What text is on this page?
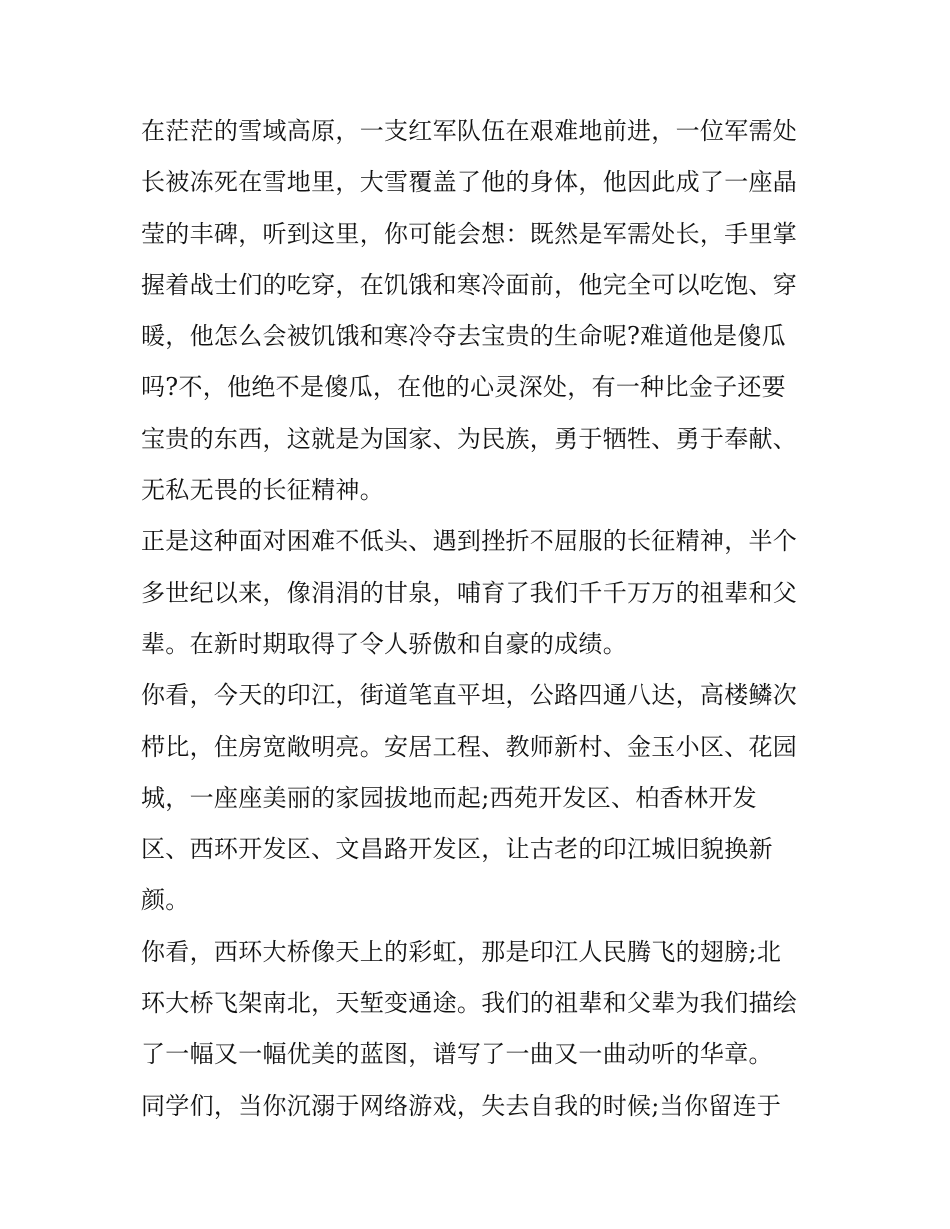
在茫茫的雪域高原，一支红军队伍在艰难地前进，一位军需处
长被冻死在雪地里，大雪覆盖了他的身体，他因此成了一座晶
莹的丰碑，听到这里，你可能会想：既然是军需处长，手里掌
握着战士们的吃穿，在饥饿和寒冷面前，他完全可以吃饱、穿
暖，他怎么会被饥饿和寒冷夺去宝贵的生命呢?难道他是傻瓜
吗?不，他绝不是傻瓜，在他的心灵深处，有一种比金子还要
宝贵的东西，这就是为国家、为民族，勇于牺牲、勇于奉献、
无私无畏的长征精神。
正是这种面对困难不低头、遇到挫折不屈服的长征精神，半个
多世纪以来，像涓涓的甘泉，哺育了我们千千万万的祖辈和父
辈。在新时期取得了令人骄傲和自豪的成绩。
你看，今天的印江，街道笔直平坦，公路四通八达，高楼鳞次
栉比，住房宽敞明亮。安居工程、教师新村、金玉小区、花园
城，一座座美丽的家园拔地而起;西苑开发区、柏香林开发
区、西环开发区、文昌路开发区，让古老的印江城旧貌换新
颜。
你看，西环大桥像天上的彩虹，那是印江人民腾飞的翅膀;北
环大桥飞架南北，天堑变通途。我们的祖辈和父辈为我们描绘
了一幅又一幅优美的蓝图，谱写了一曲又一曲动听的华章。
同学们，当你沉溺于网络游戏，失去自我的时候;当你留连于
